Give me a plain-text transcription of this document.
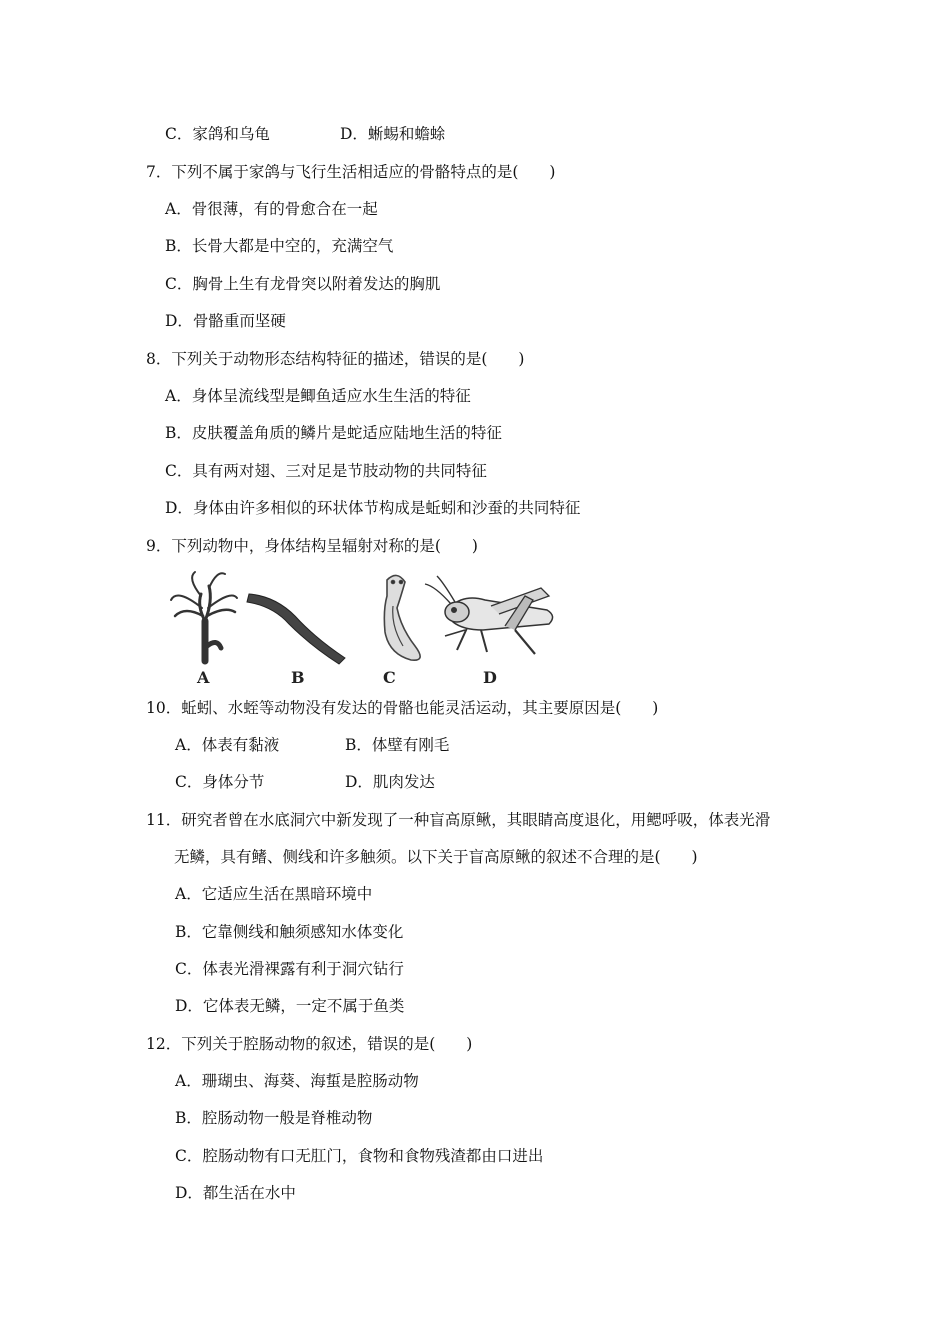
C．家鸽和乌龟	D．蜥蜴和蟾蜍
7．下列不属于家鸽与飞行生活相适应的骨骼特点的是(　　)
A．骨很薄，有的骨愈合在一起
B．长骨大都是中空的，充满空气
C．胸骨上生有龙骨突以附着发达的胸肌
D．骨骼重而坚硬
8．下列关于动物形态结构特征的描述，错误的是(　　)
A．身体呈流线型是鲫鱼适应水生生活的特征
B．皮肤覆盖角质的鳞片是蛇适应陆地生活的特征
C．具有两对翅、三对足是节肢动物的共同特征
D．身体由许多相似的环状体节构成是蚯蚓和沙蚕的共同特征
9．下列动物中，身体结构呈辐射对称的是(　　)
A	B	C	D
10．蚯蚓、水蛭等动物没有发达的骨骼也能灵活运动，其主要原因是(　　)
A．体表有黏液	B．体壁有刚毛
C．身体分节	D．肌肉发达
11．研究者曾在水底洞穴中新发现了一种盲高原鳅，其眼睛高度退化，用鳃呼吸，体表光滑
无鳞，具有鳍、侧线和许多触须。以下关于盲高原鳅的叙述不合理的是(　　)
A．它适应生活在黑暗环境中
B．它靠侧线和触须感知水体变化
C．体表光滑裸露有利于洞穴钻行
D．它体表无鳞，一定不属于鱼类
12．下列关于腔肠动物的叙述，错误的是(　　)
A．珊瑚虫、海葵、海蜇是腔肠动物
B．腔肠动物一般是脊椎动物
C．腔肠动物有口无肛门，食物和食物残渣都由口进出
D．都生活在水中
